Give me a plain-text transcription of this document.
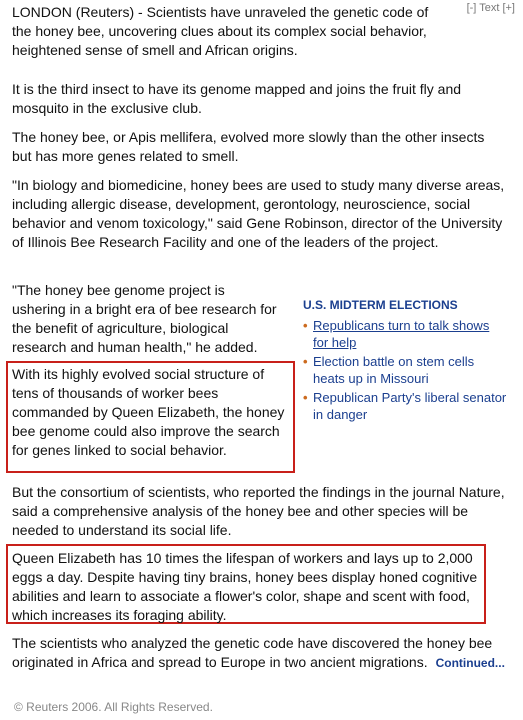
[-] Text [+]

LONDON (Reuters) - Scientists have unraveled the genetic code of the honey bee, uncovering clues about its complex social behavior, heightened sense of smell and African origins.

It is the third insect to have its genome mapped and joins the fruit fly and mosquito in the exclusive club.

The honey bee, or Apis mellifera, evolved more slowly than the other insects but has more genes related to smell.

"In biology and biomedicine, honey bees are used to study many diverse areas, including allergic disease, development, gerontology, neuroscience, social behavior and venom toxicology," said Gene Robinson, director of the University of Illinois Bee Research Facility and one of the leaders of the project.

"The honey bee genome project is ushering in a bright era of bee research for the benefit of agriculture, biological research and human health," he added.

With its highly evolved social structure of tens of thousands of worker bees commanded by Queen Elizabeth, the honey bee genome could also improve the search for genes linked to social behavior.

But the consortium of scientists, who reported the findings in the journal Nature, said a comprehensive analysis of the honey bee and other species will be needed to understand its social life.

Queen Elizabeth has 10 times the lifespan of workers and lays up to 2,000 eggs a day. Despite having tiny brains, honey bees display honed cognitive abilities and learn to associate a flower's color, shape and scent with food, which increases its foraging ability.

The scientists who analyzed the genetic code have discovered the honey bee originated in Africa and spread to Europe in two ancient migrations. Continued...

U.S. MIDTERM ELECTIONS
• Republicans turn to talk shows for help
• Election battle on stem cells heats up in Missouri
• Republican Party's liberal senator in danger
© Reuters 2006. All Rights Reserved.
